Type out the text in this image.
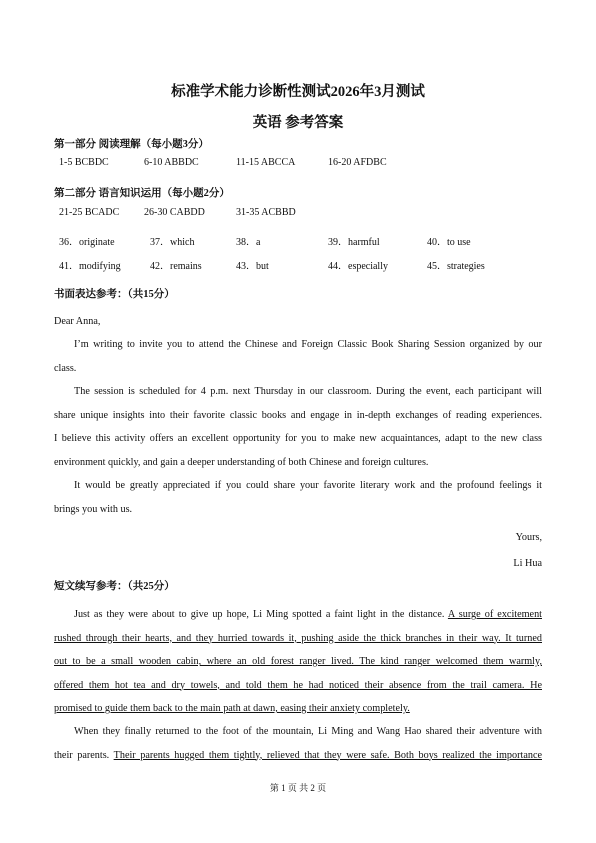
标准学术能力诊断性测试2026年3月测试
英语 参考答案
第一部分 阅读理解（每小题3分）
1-5 BCBDC	6-10 ABBDC	11-15 ABCCA	16-20 AFDBC
第二部分 语言知识运用（每小题2分）
21-25 BCADC 26-30 CABDD	31-35 ACBBD
36．originate	37．which	38．a	39．harmful	40．to use
41．modifying	42．remains	43．but	44．especially	45．strategies
书面表达参考：（共15分）
Dear Anna,
I’m writing to invite you to attend the Chinese and Foreign Classic Book Sharing Session organized by our
class.
The session is scheduled for 4 p.m. next Thursday in our classroom. During the event, each participant will
share unique insights into their favorite classic books and engage in in-depth exchanges of reading experiences.
I believe this activity offers an excellent opportunity for you to make new acquaintances, adapt to the new class
environment quickly, and gain a deeper understanding of both Chinese and foreign cultures.
It would be greatly appreciated if you could share your favorite literary work and the profound feelings it
brings you with us.
Yours,
Li Hua
短文续写参考：（共25分）
Just as they were about to give up hope, Li Ming spotted a faint light in the distance. A surge of excitement
rushed through their hearts, and they hurried towards it, pushing aside the thick branches in their way. It turned
out to be a small wooden cabin, where an old forest ranger lived. The kind ranger welcomed them warmly,
offered them hot tea and dry towels, and told them he had noticed their absence from the trail camera. He
promised to guide them back to the main path at dawn, easing their anxiety completely.
When they finally returned to the foot of the mountain, Li Ming and Wang Hao shared their adventure with
their parents. Their parents hugged them tightly, relieved that they were safe. Both boys realized the importance
第 1 页 共 2 页
